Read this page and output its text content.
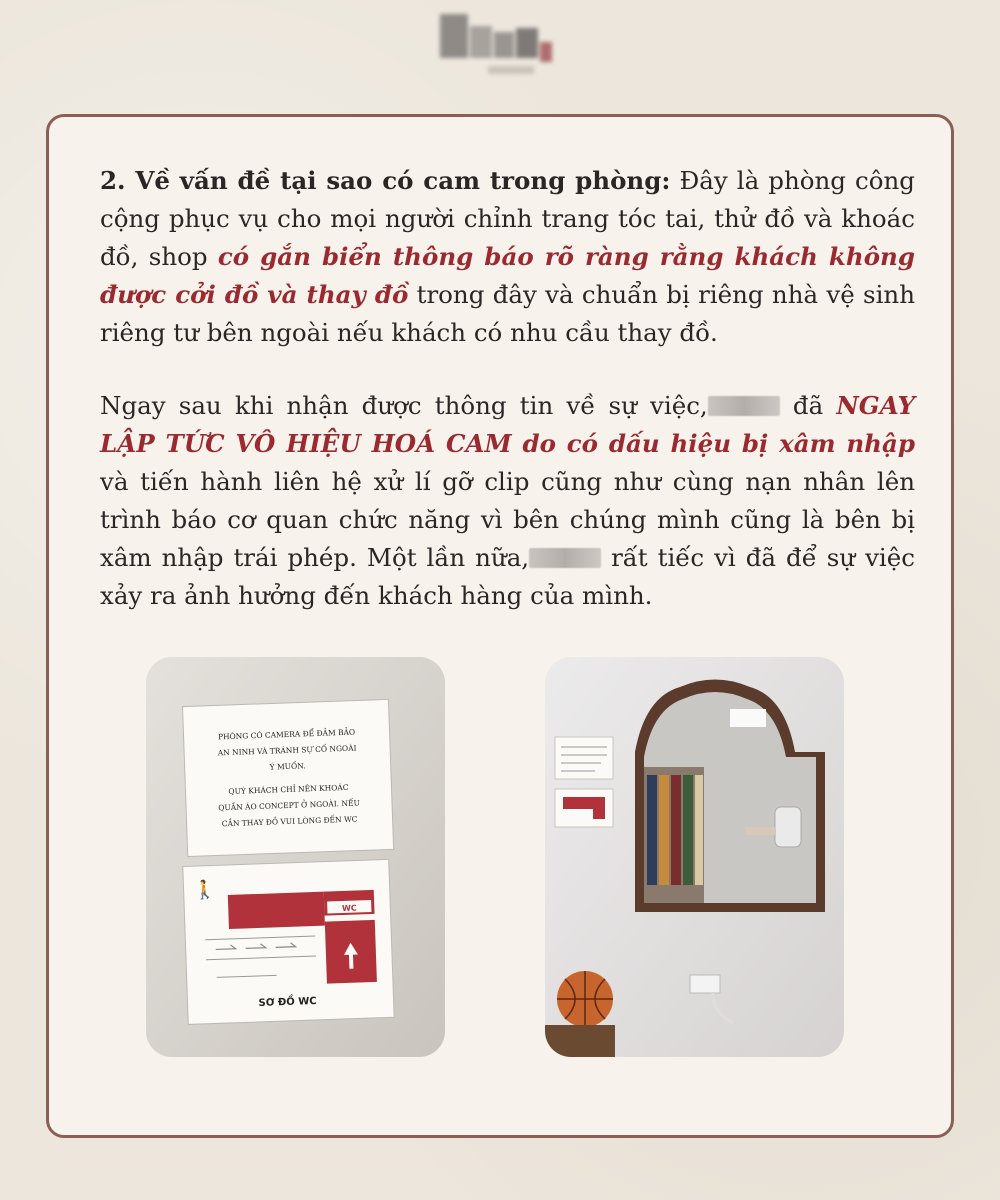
2. Về vấn đề tại sao có cam trong phòng: Đây là phòng công cộng phục vụ cho mọi người chỉnh trang tóc tai, thử đồ và khoác đồ, shop có gắn biển thông báo rõ ràng rằng khách không được cởi đồ và thay đồ trong đây và chuẩn bị riêng nhà vệ sinh riêng tư bên ngoài nếu khách có nhu cầu thay đồ.

Ngay sau khi nhận được thông tin về sự việc,	đã NGAY LẬP TỨC VÔ HIỆU HOÁ CAM do có dấu hiệu bị xâm nhập và tiến hành liên hệ xử lí gỡ clip cũng như cùng nạn nhân lên trình báo cơ quan chức năng vì bên chúng mình cũng là bên bị xâm nhập trái phép. Một lần nữa,	rất tiếc vì đã để sự việc xảy ra ảnh hưởng đến khách hàng của mình.

PHÒNG CÓ CAMERA ĐỂ ĐẢM BẢO
AN NINH VÀ TRÁNH SỰ CỐ NGOÀI
Ý MUỐN.
QUÝ KHÁCH CHỈ NÊN KHOÁC
QUẦN ÁO CONCEPT Ở NGOÀI. NẾU
CẦN THAY ĐỒ VUI LÒNG ĐẾN WC
🚶
WC
SƠ ĐỒ WC
